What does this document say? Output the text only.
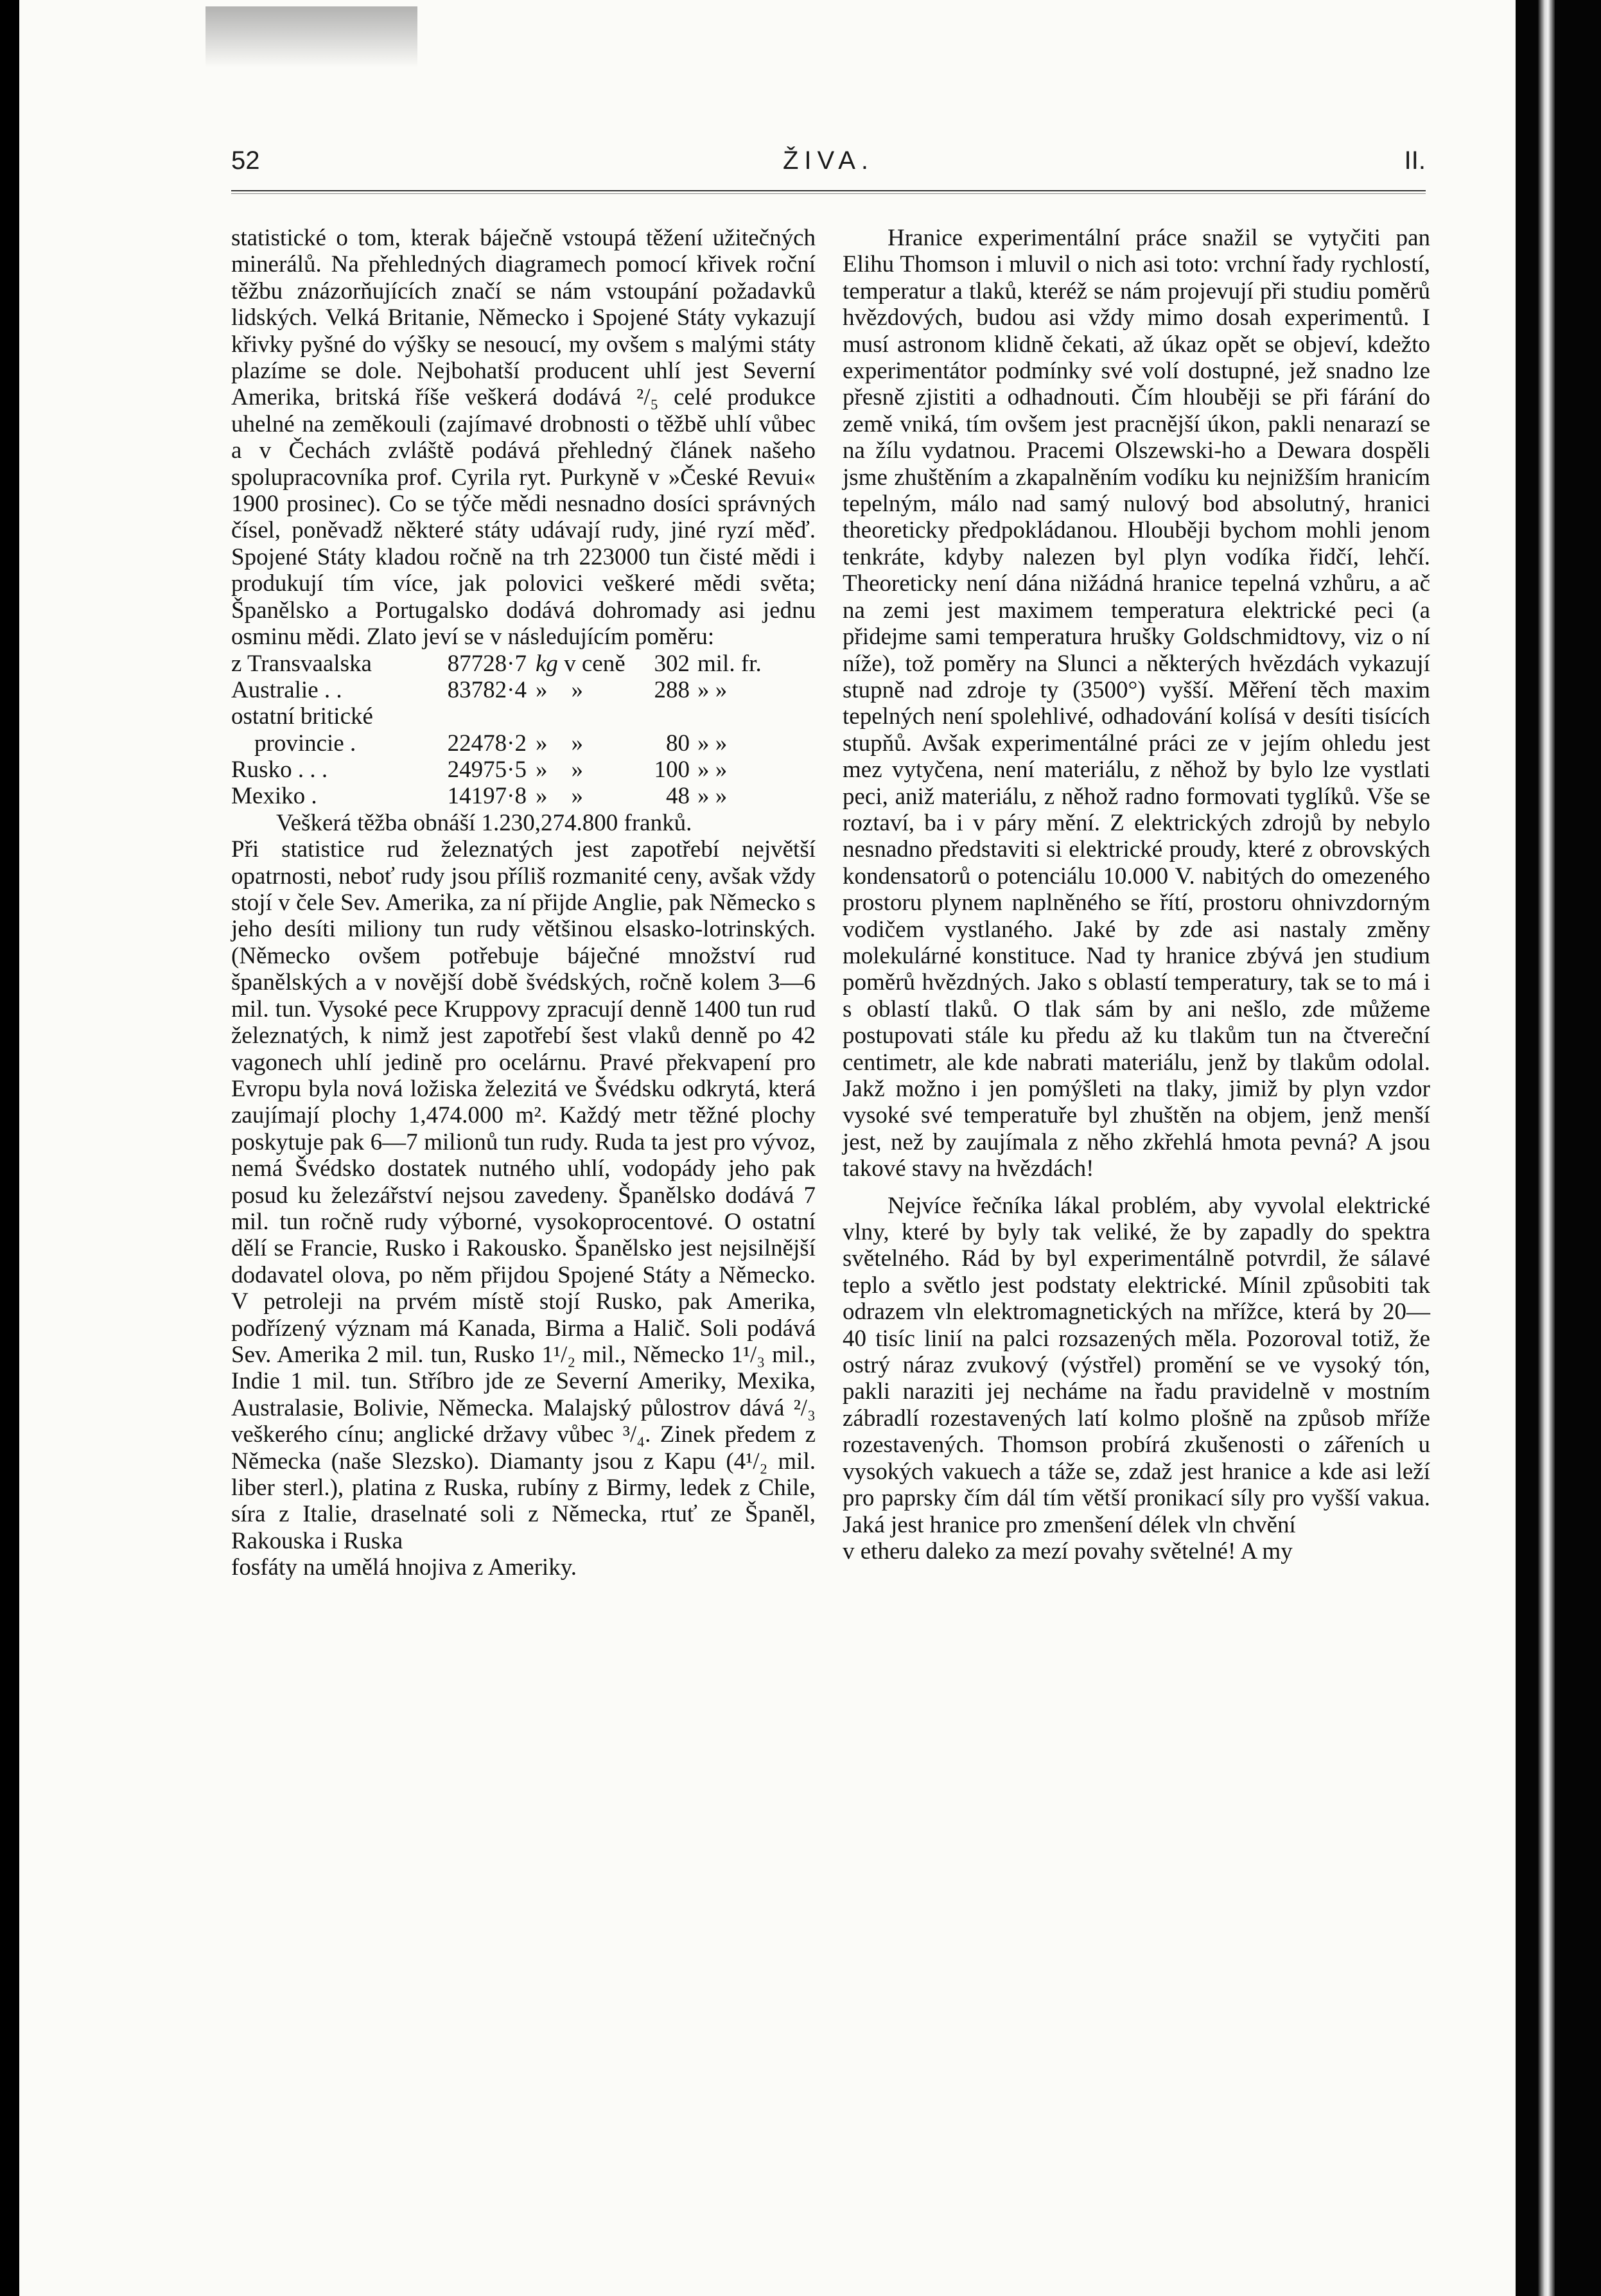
52	ŽIVA.	II.

statistické o tom, kterak báječně vstoupá těžení užitečných minerálů. Na přehledných diagramech pomocí křivek roční těžbu znázorňujících značí se nám vstoupání požadavků lidských. Velká Britanie, Německo i Spojené Státy vykazují křivky pyšné do výšky se nesoucí, my ovšem s malými státy plazíme se dole. Nejbohatší producent uhlí jest Severní Amerika, britská říše veškerá dodává ²/₅ celé produkce uhelné na zeměkouli (zajímavé drobnosti o těžbě uhlí vůbec a v Čechách zvláště podává přehledný článek našeho spolupracovníka prof. Cyrila ryt. Purkyně v »České Revui« 1900 prosinec). Co se týče mědi nesnadno dosíci správných čísel, poněvadž některé státy udávají rudy, jiné ryzí měď. Spojené Státy kladou ročně na trh 223000 tun čisté mědi i produkují tím více, jak polovici veškeré mědi světa; Španělsko a Portugalsko dodává dohromady asi jednu osminu mědi. Zlato jeví se v následujícím poměru:

z Transvaalska	87728·7 kg v ceně	302 mil. fr.
Australie . .	83782·4 » »	288 » »
ostatní britické
provincie .	22478·2 » »	80 » »
Rusko . . .	24975·5 » »	100 » »
Mexiko .	14197·8 » »	48 » »

Veškerá těžba obnáší 1.230,274.800 franků.

Při statistice rud železnatých jest zapotřebí největší opatrnosti, neboť rudy jsou příliš rozmanité ceny, avšak vždy stojí v čele Sev. Amerika, za ní přijde Anglie, pak Německo s jeho desíti miliony tun rudy většinou elsasko-lotrinských. (Německo ovšem potřebuje báječné množství rud španělských a v novější době švédských, ročně kolem 3—6 mil. tun. Vysoké pece Kruppovy zpracují denně 1400 tun rud železnatých, k nimž jest zapotřebí šest vlaků denně po 42 vagonech uhlí jedině pro ocelárnu. Pravé překvapení pro Evropu byla nová ložiska železitá ve Švédsku odkrytá, která zaujímají plochy 1,474.000 m². Každý metr těžné plochy poskytuje pak 6—7 milionů tun rudy. Ruda ta jest pro vývoz, nemá Švédsko dostatek nutného uhlí, vodopády jeho pak posud ku železářství nejsou zavedeny. Španělsko dodává 7 mil. tun ročně rudy výborné, vysokoprocentové. O ostatní dělí se Francie, Rusko i Rakousko. Španělsko jest nejsilnější dodavatel olova, po něm přijdou Spojené Státy a Německo. V petroleji na prvém místě stojí Rusko, pak Amerika, podřízený význam má Kanada, Birma a Halič. Soli podává Sev. Amerika 2 mil. tun, Rusko 1¹/₂ mil., Německo 1¹/₃ mil., Indie 1 mil. tun. Stříbro jde ze Severní Ameriky, Mexika, Australasie, Bolivie, Německa. Malajský půlostrov dává ²/₃ veškerého cínu; anglické državy vůbec ³/₄. Zinek předem z Německa (naše Slezsko). Diamanty jsou z Kapu (4¹/₂ mil. liber sterl.), platina z Ruska, rubíny z Birmy, ledek z Chile, síra z Italie, draselnaté soli z Německa, rtuť ze Španěl, Rakouska i Ruska

fosfáty na umělá hnojiva z Ameriky.

Hranice experimentální práce snažil se vytyčiti pan Elihu Thomson i mluvil o nich asi toto: vrchní řady rychlostí, temperatur a tlaků, kteréž se nám projevují při studiu poměrů hvězdových, budou asi vždy mimo dosah experimentů. I musí astronom klidně čekati, až úkaz opět se objeví, kdežto experimentátor podmínky své volí dostupné, jež snadno lze přesně zjistiti a odhadnouti. Čím hlouběji se při fárání do země vniká, tím ovšem jest pracnější úkon, pakli nenarazí se na žílu vydatnou. Pracemi Olszewski-ho a Dewara dospěli jsme zhuštěním a zkapalněním vodíku ku nejnižším hranicím tepelným, málo nad samý nulový bod absolutný, hranici theoreticky předpokládanou. Hlouběji bychom mohli jenom tenkráte, kdyby nalezen byl plyn vodíka řidčí, lehčí. Theoreticky není dána nižádná hranice tepelná vzhůru, a ač na zemi jest maximem temperatura elektrické peci (a přidejme sami temperatura hrušky Goldschmidtovy, viz o ní níže), tož poměry na Slunci a některých hvězdách vykazují stupně nad zdroje ty (3500°) vyšší. Měření těch maxim tepelných není spolehlivé, odhadování kolísá v desíti tisících stupňů. Avšak experimentálné práci ze v jejím ohledu jest mez vytyčena, není materiálu, z něhož by bylo lze vystlati peci, aniž materiálu, z něhož radno formovati tyglíků. Vše se roztaví, ba i v páry mění. Z elektrických zdrojů by nebylo nesnadno představiti si elektrické proudy, které z obrovských kondensatorů o potenciálu 10.000 V. nabitých do omezeného prostoru plynem naplněného se řítí, prostoru ohnivzdorným vodičem vystlaného. Jaké by zde asi nastaly změny molekulárné konstituce. Nad ty hranice zbývá jen studium poměrů hvězdných. Jako s oblastí temperatury, tak se to má i s oblastí tlaků. O tlak sám by ani nešlo, zde můžeme postupovati stále ku předu až ku tlakům tun na čtvereční centimetr, ale kde nabrati materiálu, jenž by tlakům odolal. Jakž možno i jen pomýšleti na tlaky, jimiž by plyn vzdor vysoké své temperatuře byl zhuštěn na objem, jenž menší jest, než by zaujímala z něho zkřehlá hmota pevná? A jsou takové stavy na hvězdách!

Nejvíce řečníka lákal problém, aby vyvolal elektrické vlny, které by byly tak veliké, že by zapadly do spektra světelného. Rád by byl experimentálně potvrdil, že sálavé teplo a světlo jest podstaty elektrické. Mínil způsobiti tak odrazem vln elektromagnetických na mřížce, která by 20—40 tisíc linií na palci rozsazených měla. Pozoroval totiž, že ostrý náraz zvukový (výstřel) promění se ve vysoký tón, pakli naraziti jej necháme na řadu pravidelně v mostním zábradlí rozestavených latí kolmo plošně na způsob mříže rozestavených. Thomson probírá zkušenosti o zářeních u vysokých vakuech a táže se, zdaž jest hranice a kde asi leží pro paprsky čím dál tím větší pronikací síly pro vyšší vakua. Jaká jest hranice pro zmenšení délek vln chvění

v etheru daleko za mezí povahy světelné! A my
